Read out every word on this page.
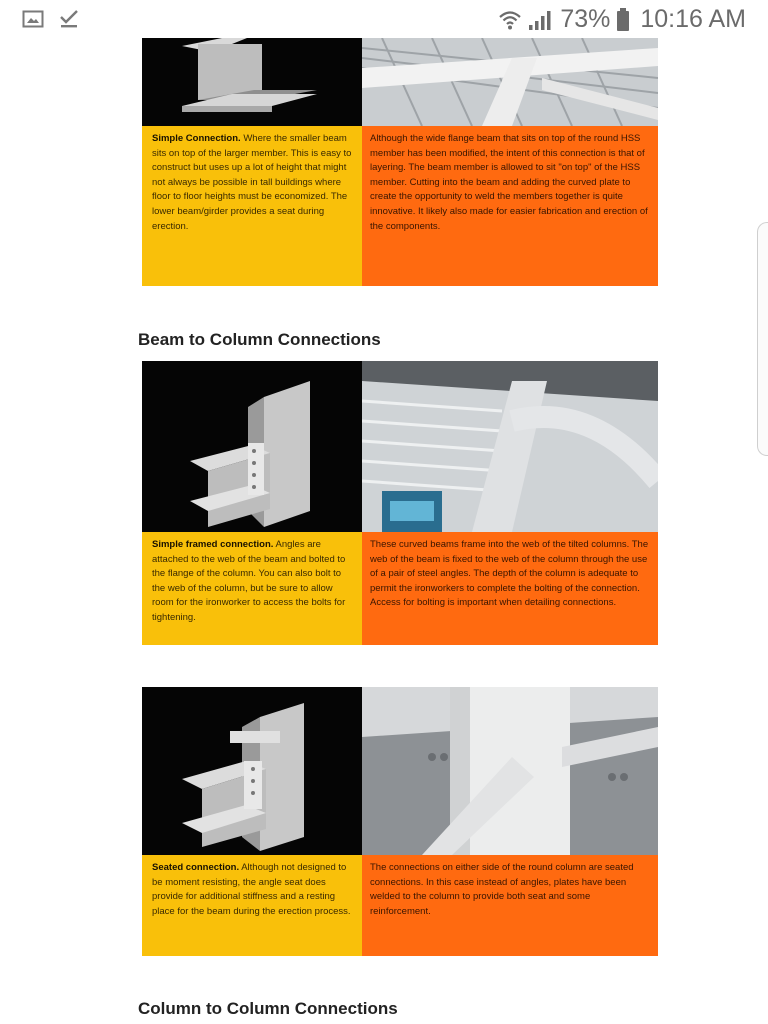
73% 10:16 AM
Simple Connection. Where the smaller beam sits on top of the larger member. This is easy to construct but uses up a lot of height that might not always be possible in tall buildings where floor to floor heights must be economized. The lower beam/girder provides a seat during erection.
Although the wide flange beam that sits on top of the round HSS member has been modified, the intent of this connection is that of layering. The beam member is allowed to sit "on top" of the HSS member. Cutting into the beam and adding the curved plate to create the opportunity to weld the members together is quite innovative. It likely also made for easier fabrication and erection of the components.
Beam to Column Connections
Simple framed connection. Angles are attached to the web of the beam and bolted to the flange of the column. You can also bolt to the web of the column, but be sure to allow room for the ironworker to access the bolts for tightening.
These curved beams frame into the web of the tilted columns. The web of the beam is fixed to the web of the column through the use of a pair of steel angles. The depth of the column is adequate to permit the ironworkers to complete the bolting of the connection. Access for bolting is important when detailing connections.
Seated connection. Although not designed to be moment resisting, the angle seat does provide for additional stiffness and a resting place for the beam during the erection process.
The connections on either side of the round column are seated connections. In this case instead of angles, plates have been welded to the column to provide both seat and some reinforcement.
Column to Column Connections
